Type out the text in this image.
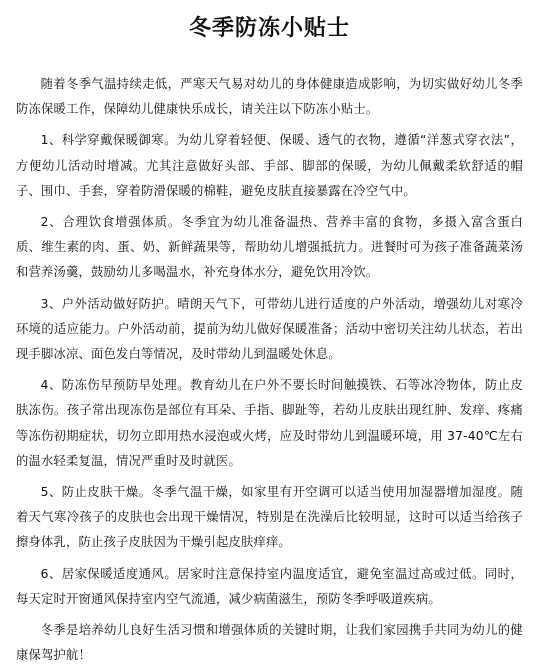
冬季防冻小贴士

随着冬季气温持续走低，严寒天气易对幼儿的身体健康造成影响，为切实做好幼儿冬季防冻保暖工作，保障幼儿健康快乐成长，请关注以下防冻小贴士。

1、科学穿戴保暖御寒。为幼儿穿着轻便、保暖、透气的衣物，遵循“洋葱式穿衣法”，方便幼儿活动时增减。尤其注意做好头部、手部、脚部的保暖，为幼儿佩戴柔软舒适的帽子、围巾、手套，穿着防滑保暖的棉鞋，避免皮肤直接暴露在冷空气中。

2、合理饮食增强体质。冬季宜为幼儿准备温热、营养丰富的食物，多摄入富含蛋白质、维生素的肉、蛋、奶、新鲜蔬果等，帮助幼儿增强抵抗力。进餐时可为孩子准备蔬菜汤和营养汤羹，鼓励幼儿多喝温水，补充身体水分，避免饮用冷饮。

3、户外活动做好防护。晴朗天气下，可带幼儿进行适度的户外活动，增强幼儿对寒冷环境的适应能力。户外活动前，提前为幼儿做好保暖准备；活动中密切关注幼儿状态，若出现手脚冰凉、面色发白等情况，及时带幼儿到温暖处休息。

4、防冻伤早预防早处理。教育幼儿在户外不要长时间触摸铁、石等冰冷物体，防止皮肤冻伤。孩子常出现冻伤是部位有耳朵、手指、脚趾等，若幼儿皮肤出现红肿、发痒、疼痛等冻伤初期症状，切勿立即用热水浸泡或火烤，应及时带幼儿到温暖环境，用 37-40℃左右的温水轻柔复温，情况严重时及时就医。

5、防止皮肤干燥。冬季气温干燥，如家里有开空调可以适当使用加湿器增加湿度。随着天气寒冷孩子的皮肤也会出现干燥情况，特别是在洗澡后比较明显，这时可以适当给孩子擦身体乳，防止孩子皮肤因为干燥引起皮肤痒痒。

6、居家保暖适度通风。居家时注意保持室内温度适宜，避免室温过高或过低。同时，每天定时开窗通风保持室内空气流通，减少病菌滋生，预防冬季呼吸道疾病。

冬季是培养幼儿良好生活习惯和增强体质的关键时期，让我们家园携手共同为幼儿的健康保驾护航！
